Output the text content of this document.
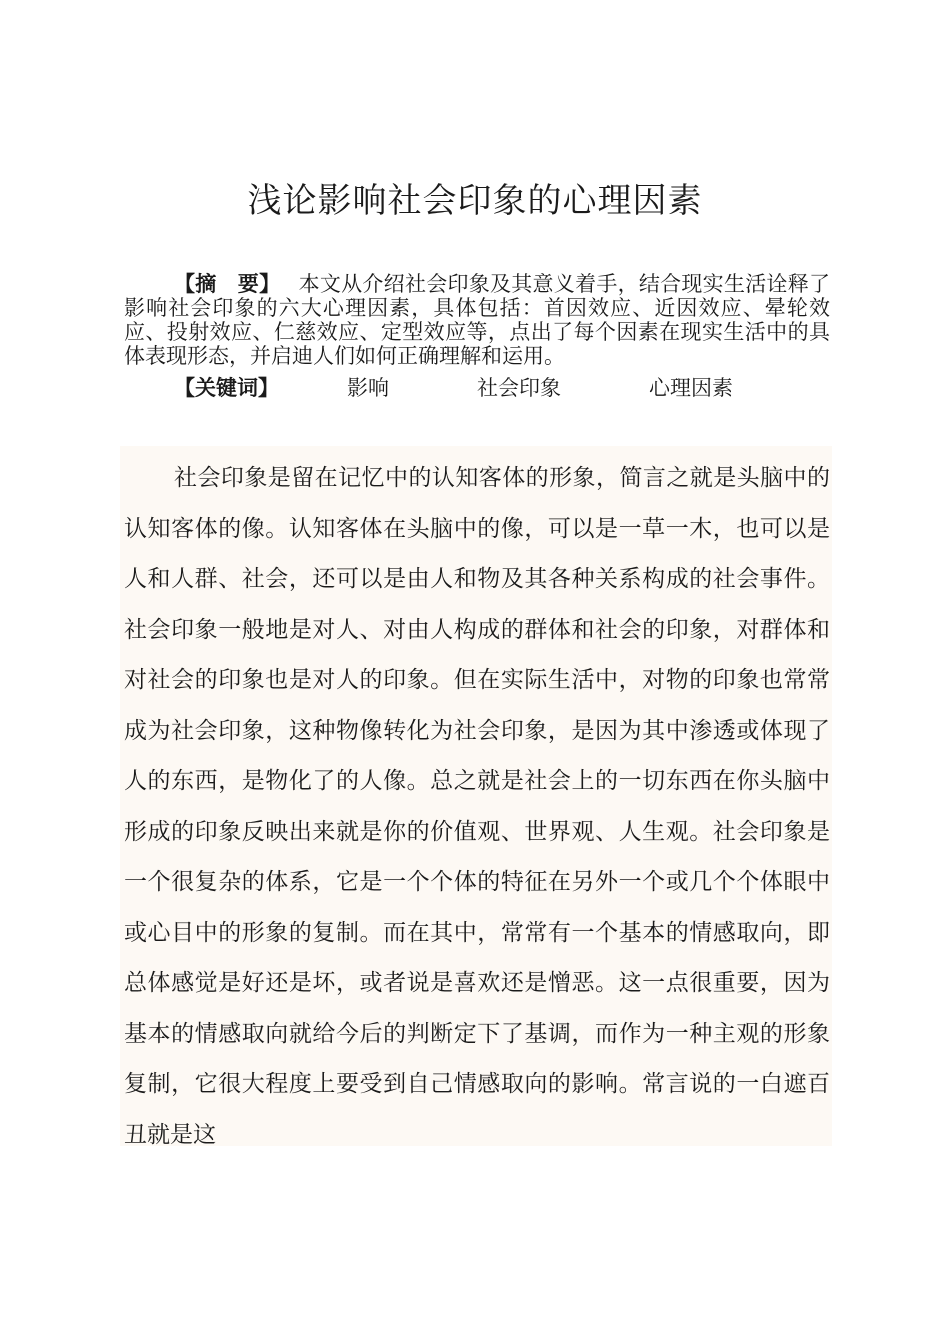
浅论影响社会印象的心理因素

【摘　要】 本文从介绍社会印象及其意义着手，结合现实生活诠释了影响社会印象的六大心理因素，具体包括：首因效应、近因效应、晕轮效应、投射效应、仁慈效应、定型效应等，点出了每个因素在现实生活中的具体表现形态，并启迪人们如何正确理解和运用。

【关键词】	影响	社会印象	心理因素

社会印象是留在记忆中的认知客体的形象，简言之就是头脑中的认知客体的像。认知客体在头脑中的像，可以是一草一木，也可以是人和人群、社会，还可以是由人和物及其各种关系构成的社会事件。社会印象一般地是对人、对由人构成的群体和社会的印象，对群体和对社会的印象也是对人的印象。但在实际生活中，对物的印象也常常成为社会印象，这种物像转化为社会印象，是因为其中渗透或体现了人的东西，是物化了的人像。总之就是社会上的一切东西在你头脑中形成的印象反映出来就是你的价值观、世界观、人生观。社会印象是一个很复杂的体系，它是一个个体的特征在另外一个或几个个体眼中或心目中的形象的复制。而在其中，常常有一个基本的情感取向，即总体感觉是好还是坏，或者说是喜欢还是憎恶。这一点很重要，因为基本的情感取向就给今后的判断定下了基调，而作为一种主观的形象复制，它很大程度上要受到自己情感取向的影响。常言说的一白遮百丑就是这
